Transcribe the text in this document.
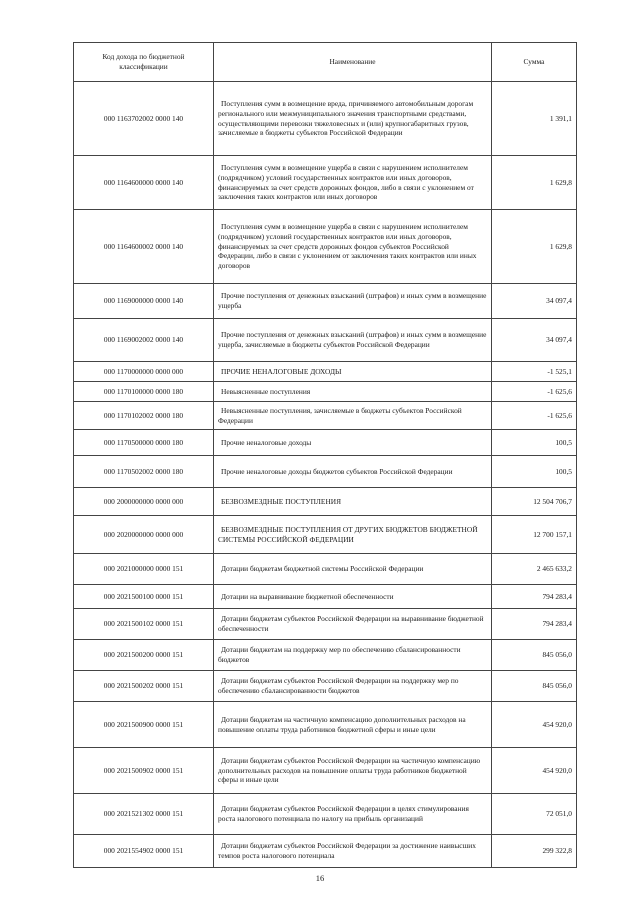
Код дохода по бюджетной классификации	Наименование	Сумма
000 1163702002 0000 140	Поступления сумм в возмещение вреда, причиняемого автомобильным дорогам регионального или межмуниципального значения транспортными средствами, осуществляющими перевозки тяжеловесных и (или) крупногабаритных грузов, зачисляемые в бюджеты субъектов Российской Федерации	1 391,1
000 1164600000 0000 140	Поступления сумм в возмещение ущерба в связи с нарушением исполнителем (подрядчиком) условий государственных контрактов или иных договоров, финансируемых за счет средств дорожных фондов, либо в связи с уклонением от заключения таких контрактов или иных договоров	1 629,8
000 1164600002 0000 140	Поступления сумм в возмещение ущерба в связи с нарушением исполнителем (подрядчиком) условий государственных контрактов или иных договоров, финансируемых за счет средств дорожных фондов субъектов Российской Федерации, либо в связи с уклонением от заключения таких контрактов или иных договоров	1 629,8
000 1169000000 0000 140	Прочие поступления от денежных взысканий (штрафов) и иных сумм в возмещение ущерба	34 097,4
000 1169002002 0000 140	Прочие поступления от денежных взысканий (штрафов) и иных сумм в возмещение ущерба, зачисляемые в бюджеты субъектов Российской Федерации	34 097,4
000 1170000000 0000 000	ПРОЧИЕ НЕНАЛОГОВЫЕ ДОХОДЫ	-1 525,1
000 1170100000 0000 180	Невыясненные поступления	-1 625,6
000 1170102002 0000 180	Невыясненные поступления, зачисляемые в бюджеты субъектов Российской Федерации	-1 625,6
000 1170500000 0000 180	Прочие неналоговые доходы	100,5
000 1170502002 0000 180	Прочие неналоговые доходы бюджетов субъектов Российской Федерации	100,5
000 2000000000 0000 000	БЕЗВОЗМЕЗДНЫЕ ПОСТУПЛЕНИЯ	12 504 706,7
000 2020000000 0000 000	БЕЗВОЗМЕЗДНЫЕ ПОСТУПЛЕНИЯ ОТ ДРУГИХ БЮДЖЕТОВ БЮДЖЕТНОЙ СИСТЕМЫ РОССИЙСКОЙ ФЕДЕРАЦИИ	12 700 157,1
000 2021000000 0000 151	Дотации бюджетам бюджетной системы Российской Федерации	2 465 633,2
000 2021500100 0000 151	Дотации на выравнивание бюджетной обеспеченности	794 283,4
000 2021500102 0000 151	Дотации бюджетам субъектов Российской Федерации на выравнивание бюджетной обеспеченности	794 283,4
000 2021500200 0000 151	Дотации бюджетам на поддержку мер по обеспечению сбалансированности бюджетов	845 056,0
000 2021500202 0000 151	Дотации бюджетам субъектов Российской Федерации на поддержку мер по обеспечению сбалансированности бюджетов	845 056,0
000 2021500900 0000 151	Дотации бюджетам на частичную компенсацию дополнительных расходов на повышение оплаты труда работников бюджетной сферы и иные цели	454 920,0
000 2021500902 0000 151	Дотации бюджетам субъектов Российской Федерации на частичную компенсацию дополнительных расходов на повышение оплаты труда работников бюджетной сферы и иные цели	454 920,0
000 2021521302 0000 151	Дотации бюджетам субъектов Российской Федерации в целях стимулирования роста налогового потенциала по налогу на прибыль организаций	72 051,0
000 2021554902 0000 151	Дотации бюджетам субъектов Российской Федерации за достижение наивысших темпов роста налогового потенциала	299 322,8
16
